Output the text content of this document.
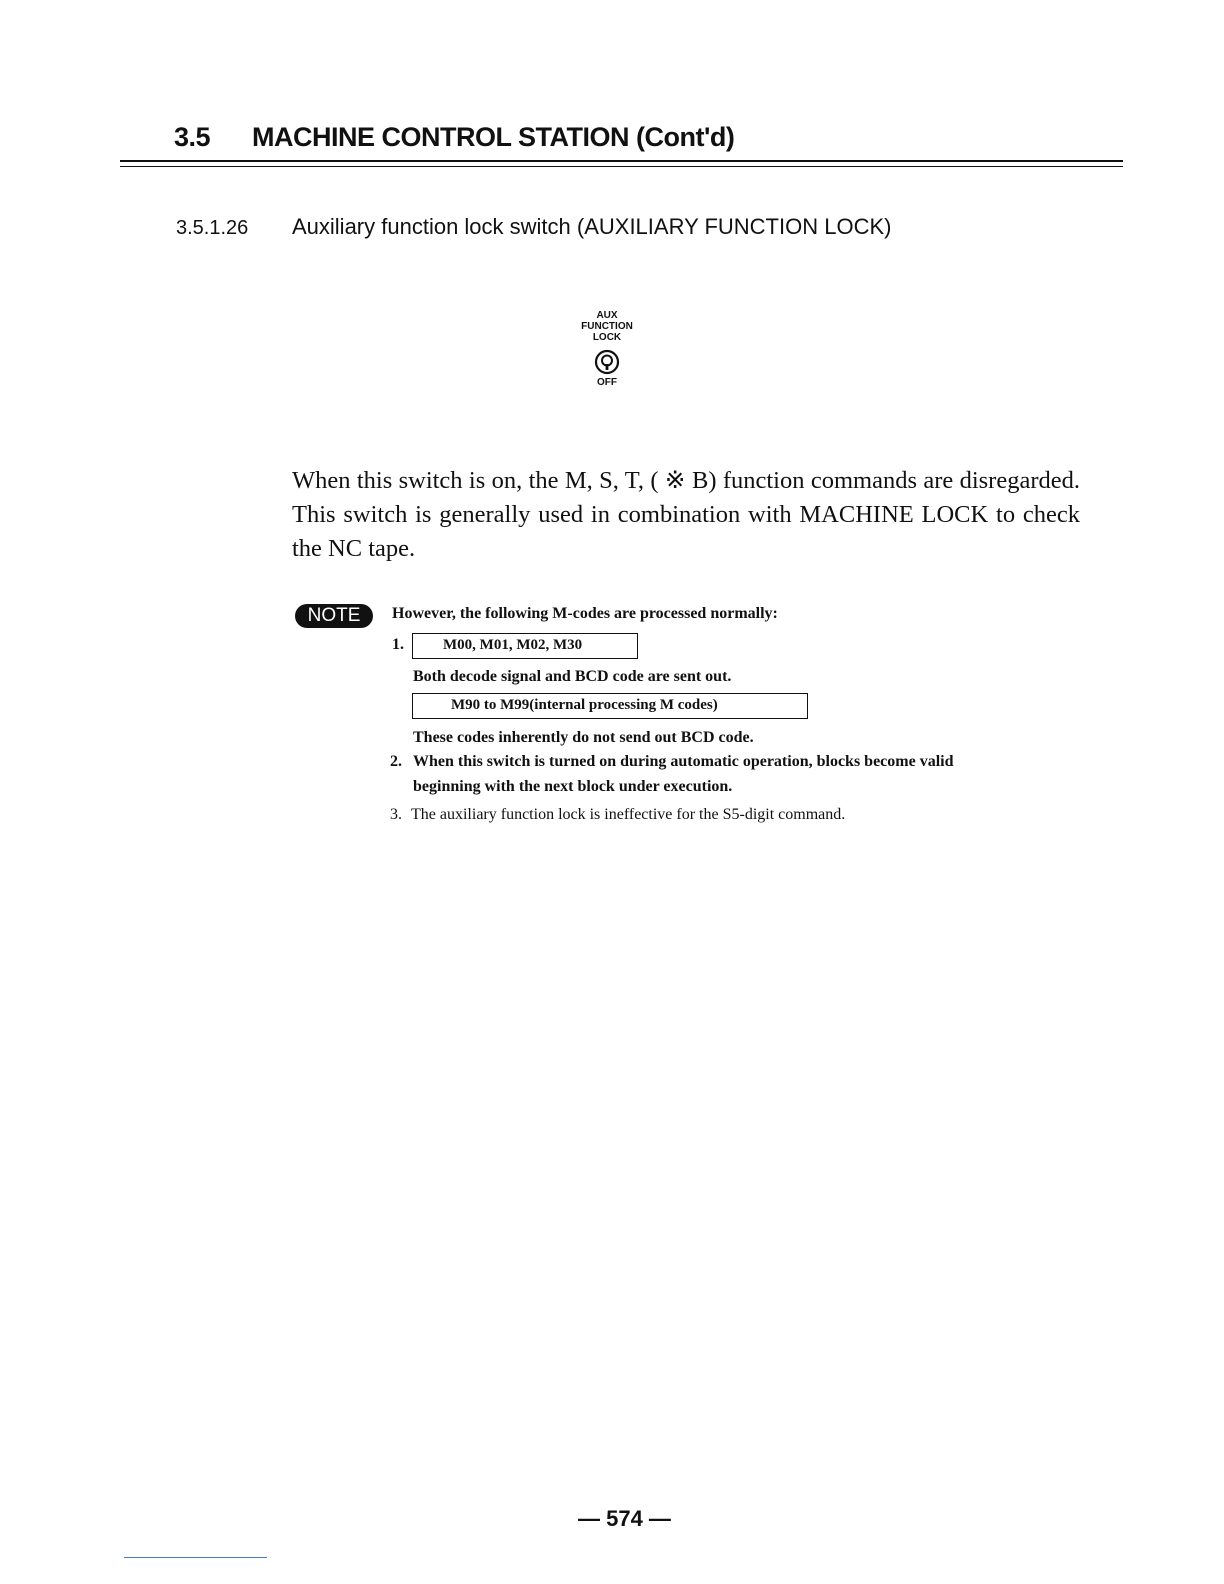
3.5 MACHINE CONTROL STATION (Cont'd)
3.5.1.26 Auxiliary function lock switch (AUXILIARY FUNCTION LOCK)
AUX
FUNCTION
LOCK
OFF
When this switch is on, the M, S, T, ( ※ B) function commands are disregarded. This switch is generally used in combination with MACHINE LOCK to check the NC tape.
NOTE	However, the following M-codes are processed normally:
1.	M00, M01, M02, M30
Both decode signal and BCD code are sent out.
M90 to M99(internal processing M codes)
These codes inherently do not send out BCD code.
2. When this switch is turned on during automatic operation, blocks become valid
beginning with the next block under execution.
3. The auxiliary function lock is ineffective for the S5-digit command.
— 574 —
